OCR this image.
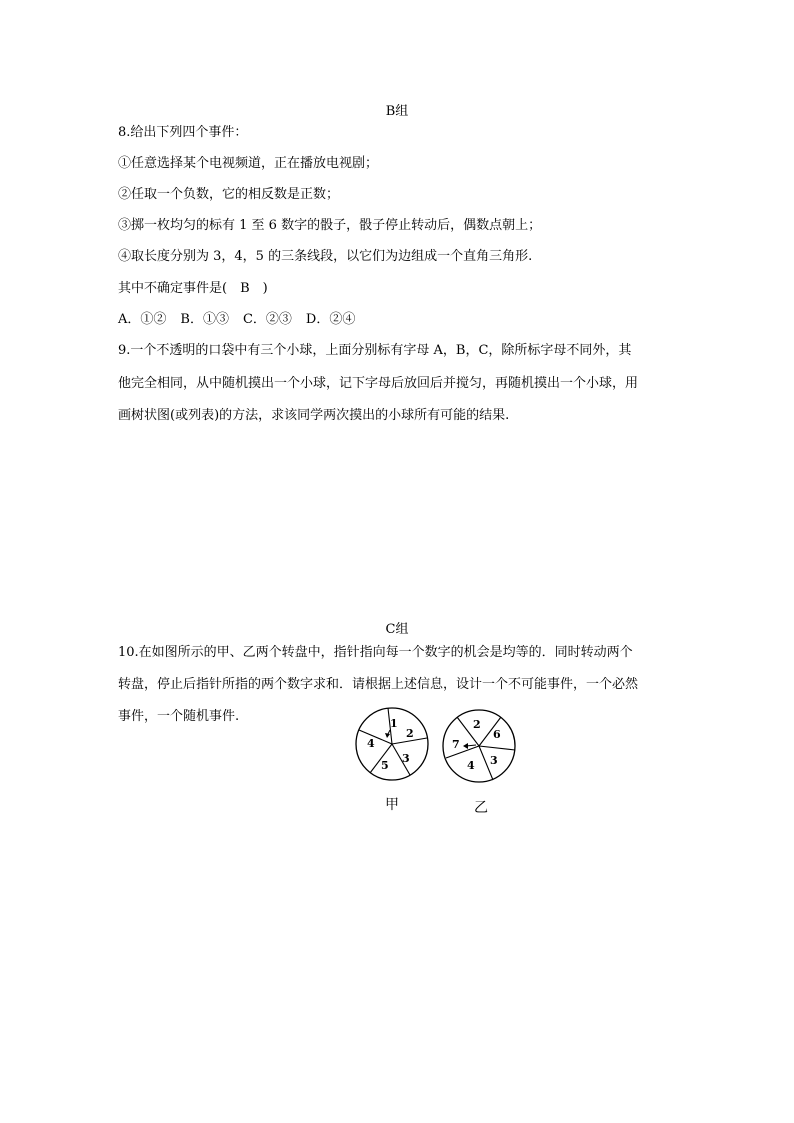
B组
8.给出下列四个事件：
①任意选择某个电视频道，正在播放电视剧；
②任取一个负数，它的相反数是正数；
③掷一枚均匀的标有 1 至 6 数字的骰子，骰子停止转动后，偶数点朝上；
④取长度分别为 3，4，5 的三条线段，以它们为边组成一个直角三角形.
其中不确定事件是(　B　)
A．①② B．①③ C．②③ D．②④
9.一个不透明的口袋中有三个小球，上面分别标有字母 A，B，C，除所标字母不同外，其
他完全相同，从中随机摸出一个小球，记下字母后放回后并搅匀，再随机摸出一个小球，用
画树状图(或列表)的方法，求该同学两次摸出的小球所有可能的结果.
C组
10.在如图所示的甲、乙两个转盘中，指针指向每一个数字的机会是均等的．同时转动两个
转盘，停止后指针所指的两个数字求和．请根据上述信息，设计一个不可能事件，一个必然
事件，一个随机事件.	1
2
3
5
4
甲
2
6
3
4
7
乙
